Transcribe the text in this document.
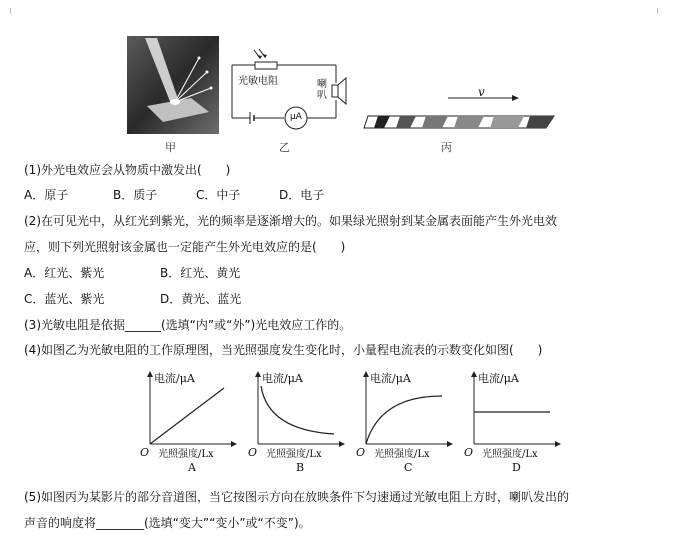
甲
光敏电阻	喇
叭
μA
乙
v
丙
(1)外光电效应会从物质中激发出(　　)
A．原子	B．质子	C．中子	D．电子
(2)在可见光中，从红光到紫光，光的频率是逐渐增大的。如果绿光照射到某金属表面能产生外光电效
应，则下列光照射该金属也一定能产生外光电效应的是(　　)
A．红光、紫光	B．红光、黄光
C．蓝光、紫光	D．黄光、蓝光
(3)光敏电阻是依据______(选填“内”或“外”)光电效应工作的。
(4)如图乙为光敏电阻的工作原理图，当光照强度发生变化时，小量程电流表的示数变化如图(　　)
电流/μA
O 光照强度/Lx
A
电流/μA
O 光照强度/Lx
B
电流/μA
O 光照强度/Lx
C
电流/μA
O 光照强度/Lx
D
(5)如图丙为某影片的部分音道图，当它按图示方向在放映条件下匀速通过光敏电阻上方时，喇叭发出的
声音的响度将________(选填“变大”“变小”或“不变”)。
